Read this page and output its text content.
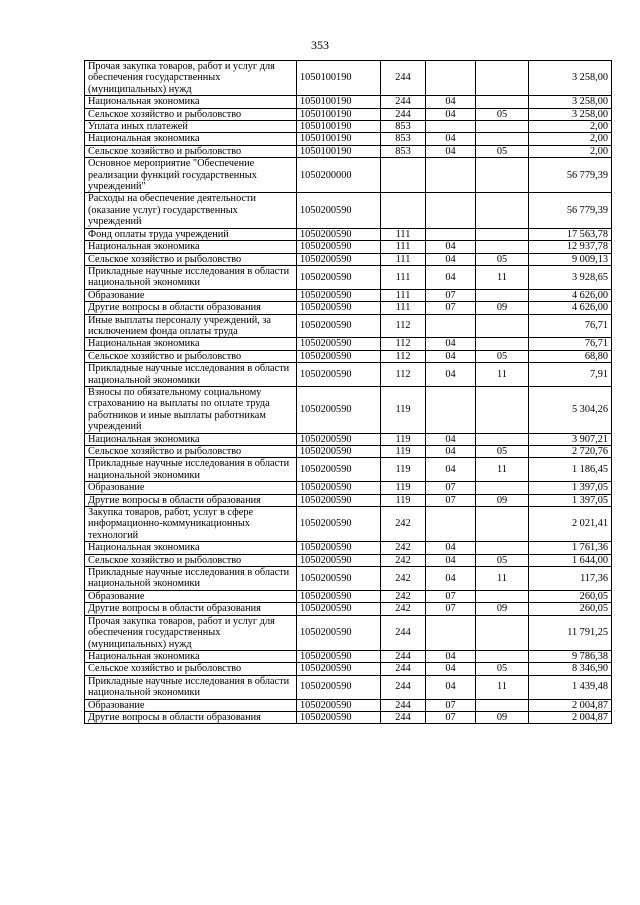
353
Прочая закупка товаров, работ и услуг для обеспечения государственных (муниципальных) нужд	1050100190	244			3 258,00
Национальная экономика	1050100190	244	04		3 258,00
Сельское хозяйство и рыболовство	1050100190	244	04	05	3 258,00
Уплата иных платежей	1050100190	853			2,00
Национальная экономика	1050100190	853	04		2,00
Сельское хозяйство и рыболовство	1050100190	853	04	05	2,00
Основное мероприятие "Обеспечение реализации функций государственных учреждений"	1050200000				56 779,39
Расходы на обеспечение деятельности (оказание услуг) государственных учреждений	1050200590				56 779,39
Фонд оплаты труда учреждений	1050200590	111			17 563,78
Национальная экономика	1050200590	111	04		12 937,78
Сельское хозяйство и рыболовство	1050200590	111	04	05	9 009,13
Прикладные научные исследования в области национальной экономики	1050200590	111	04	11	3 928,65
Образование	1050200590	111	07		4 626,00
Другие вопросы в области образования	1050200590	111	07	09	4 626,00
Иные выплаты персоналу учреждений, за исключением фонда оплаты труда	1050200590	112			76,71
Национальная экономика	1050200590	112	04		76,71
Сельское хозяйство и рыболовство	1050200590	112	04	05	68,80
Прикладные научные исследования в области национальной экономики	1050200590	112	04	11	7,91
Взносы по обязательному социальному страхованию на выплаты по оплате труда работников и иные выплаты работникам учреждений	1050200590	119			5 304,26
Национальная экономика	1050200590	119	04		3 907,21
Сельское хозяйство и рыболовство	1050200590	119	04	05	2 720,76
Прикладные научные исследования в области национальной экономики	1050200590	119	04	11	1 186,45
Образование	1050200590	119	07		1 397,05
Другие вопросы в области образования	1050200590	119	07	09	1 397,05
Закупка товаров, работ, услуг в сфере информационно-коммуникационных технологий	1050200590	242			2 021,41
Национальная экономика	1050200590	242	04		1 761,36
Сельское хозяйство и рыболовство	1050200590	242	04	05	1 644,00
Прикладные научные исследования в области национальной экономики	1050200590	242	04	11	117,36
Образование	1050200590	242	07		260,05
Другие вопросы в области образования	1050200590	242	07	09	260,05
Прочая закупка товаров, работ и услуг для обеспечения государственных (муниципальных) нужд	1050200590	244			11 791,25
Национальная экономика	1050200590	244	04		9 786,38
Сельское хозяйство и рыболовство	1050200590	244	04	05	8 346,90
Прикладные научные исследования в области национальной экономики	1050200590	244	04	11	1 439,48
Образование	1050200590	244	07		2 004,87
Другие вопросы в области образования	1050200590	244	07	09	2 004,87
